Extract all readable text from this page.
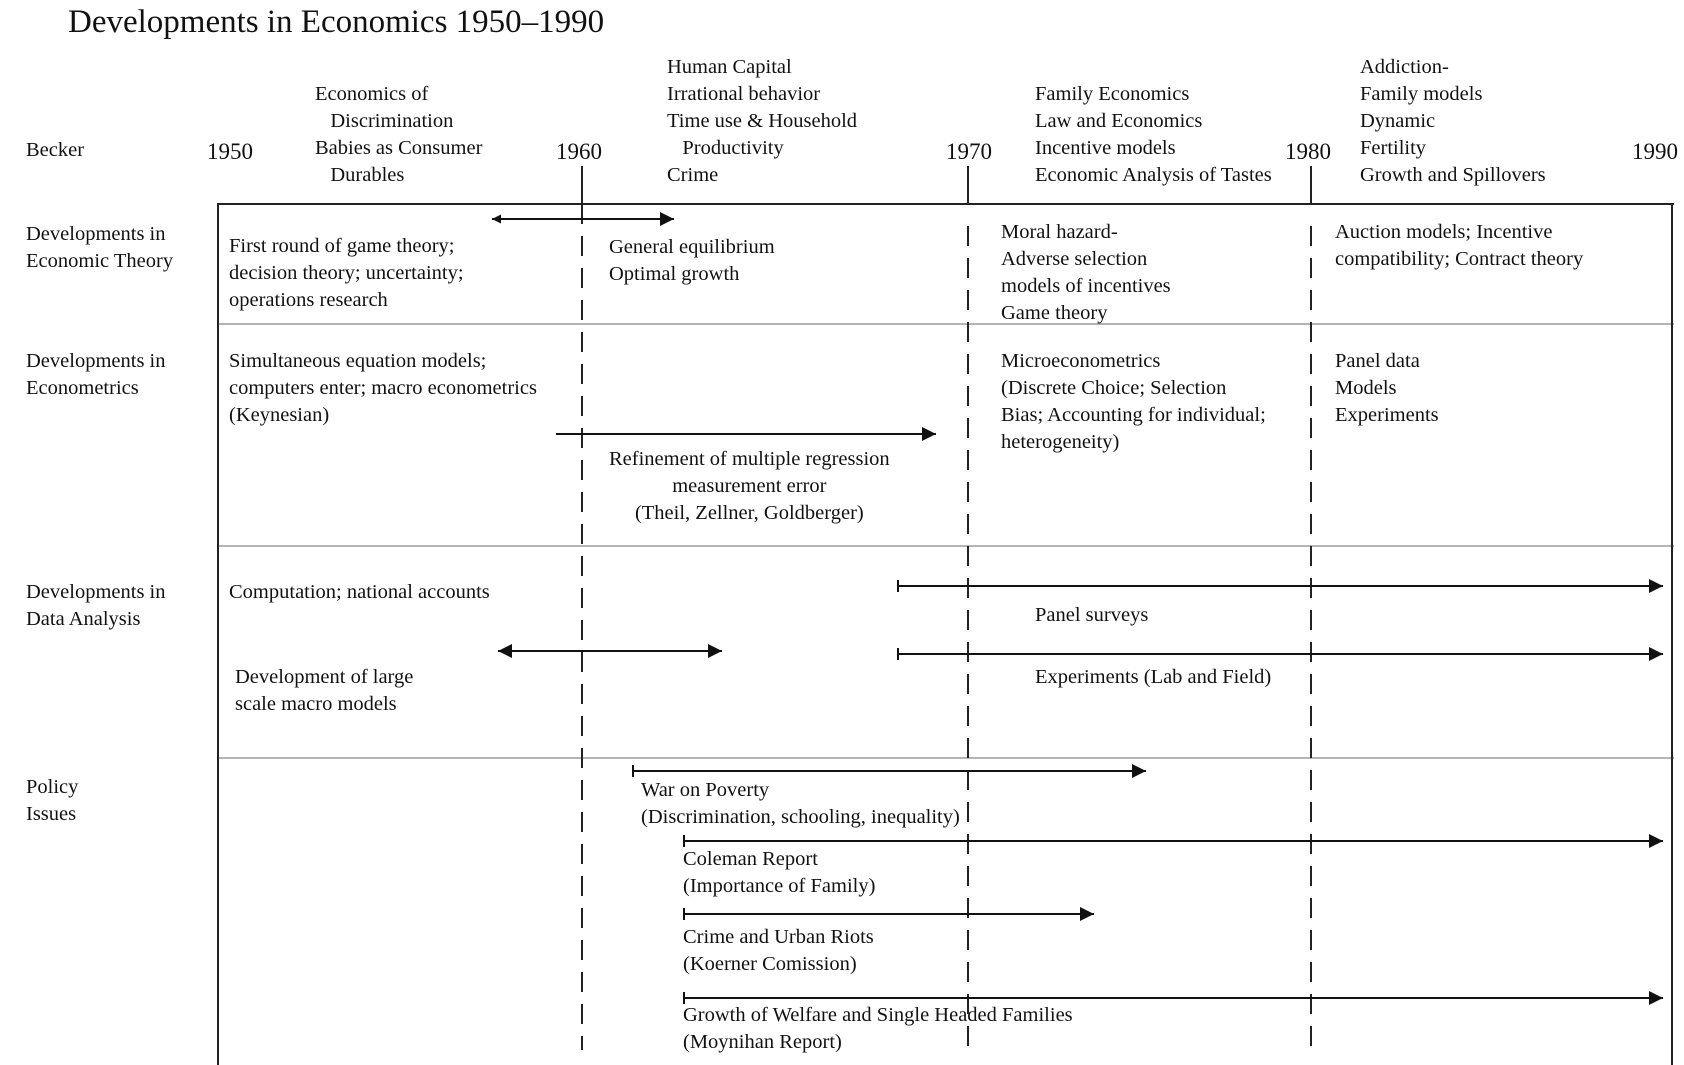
Developments in Economics 1950–1990
Becker
Developments in
Economic Theory
Developments in
Econometrics
Developments in
Data Analysis
Policy
Issues
1950	1960	1970	1980	1990
Economics of
Discrimination
Babies as Consumer
Durables
Human Capital
Irrational behavior
Time use & Household
Productivity
Crime
Family Economics
Law and Economics
Incentive models
Economic Analysis of Tastes
Addiction-
Family models
Dynamic
Fertility
Growth and Spillovers
First round of game theory;
decision theory; uncertainty;
operations research
General equilibrium
Optimal growth
Moral hazard-
Adverse selection
models of incentives
Game theory
Auction models; Incentive
compatibility; Contract theory
Simultaneous equation models;
computers enter; macro econometrics
(Keynesian)
Refinement of multiple regression
measurement error
(Theil, Zellner, Goldberger)
Microeconometrics
(Discrete Choice; Selection
Bias; Accounting for individual;
heterogeneity)
Panel data
Models
Experiments
Computation; national accounts
Development of large
scale macro models
Panel surveys
Experiments (Lab and Field)
War on Poverty
(Discrimination, schooling, inequality)
Coleman Report
(Importance of Family)
Crime and Urban Riots
(Koerner Comission)
Growth of Welfare and Single Headed Families
(Moynihan Report)
